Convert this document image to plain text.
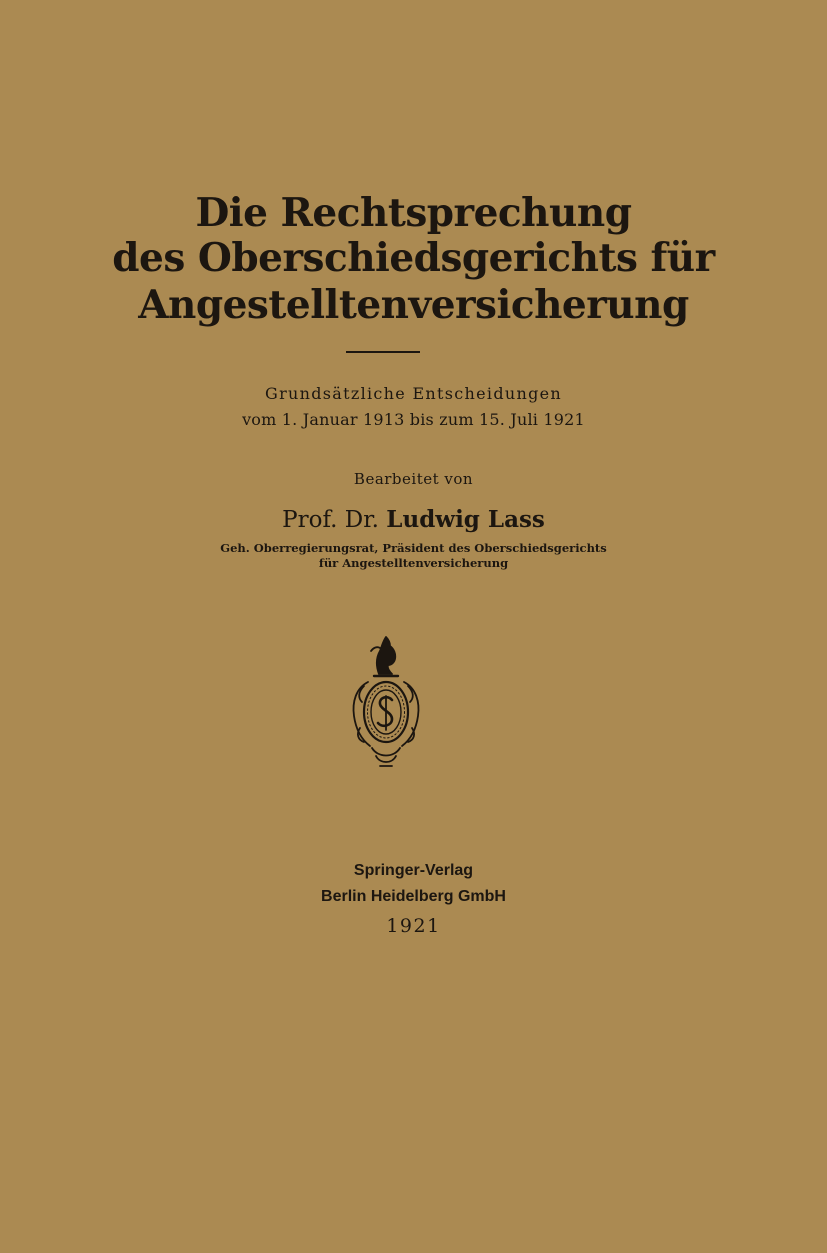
Die Rechtsprechung
des Oberschiedsgerichts für
Angestelltenversicherung
Grundsätzliche Entscheidungen
vom 1. Januar 1913 bis zum 15. Juli 1921
Bearbeitet von
Prof. Dr. Ludwig Lass
Geh. Oberregierungsrat, Präsident des Oberschiedsgerichts
für Angestelltenversicherung
Springer-Verlag
Berlin Heidelberg GmbH
1921
